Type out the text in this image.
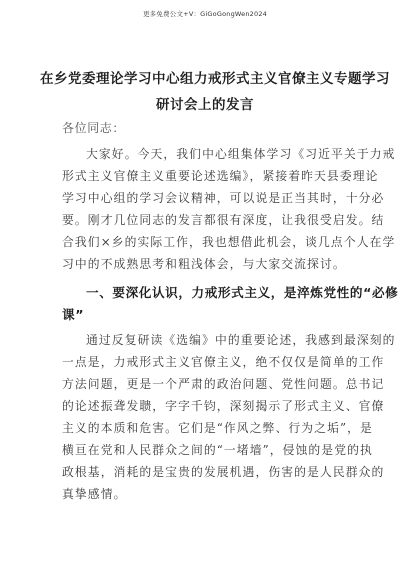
更多免费公文+V：GiGoGongWen2024
在乡党委理论学习中心组力戒形式主义官僚主义专题学习
研讨会上的发言
各位同志：
大家好。今天，我们中心组集体学习《习近平关于力戒
形式主义官僚主义重要论述选编》，紧接着昨天县委理论
学习中心组的学习会议精神，可以说是正当其时，十分必
要。刚才几位同志的发言都很有深度，让我很受启发。结
合我们×乡的实际工作，我也想借此机会，谈几点个人在学
习中的不成熟思考和粗浅体会，与大家交流探讨。
一、要深化认识，力戒形式主义，是淬炼党性的“必修
课”
通过反复研读《选编》中的重要论述，我感到最深刻的
一点是，力戒形式主义官僚主义，绝不仅仅是简单的工作
方法问题，更是一个严肃的政治问题、党性问题。总书记
的论述振聋发聩，字字千钧，深刻揭示了形式主义、官僚
主义的本质和危害。它们是“作风之弊、行为之垢”，是
横亘在党和人民群众之间的“一堵墙”，侵蚀的是党的执
政根基，消耗的是宝贵的发展机遇，伤害的是人民群众的
真挚感情。
